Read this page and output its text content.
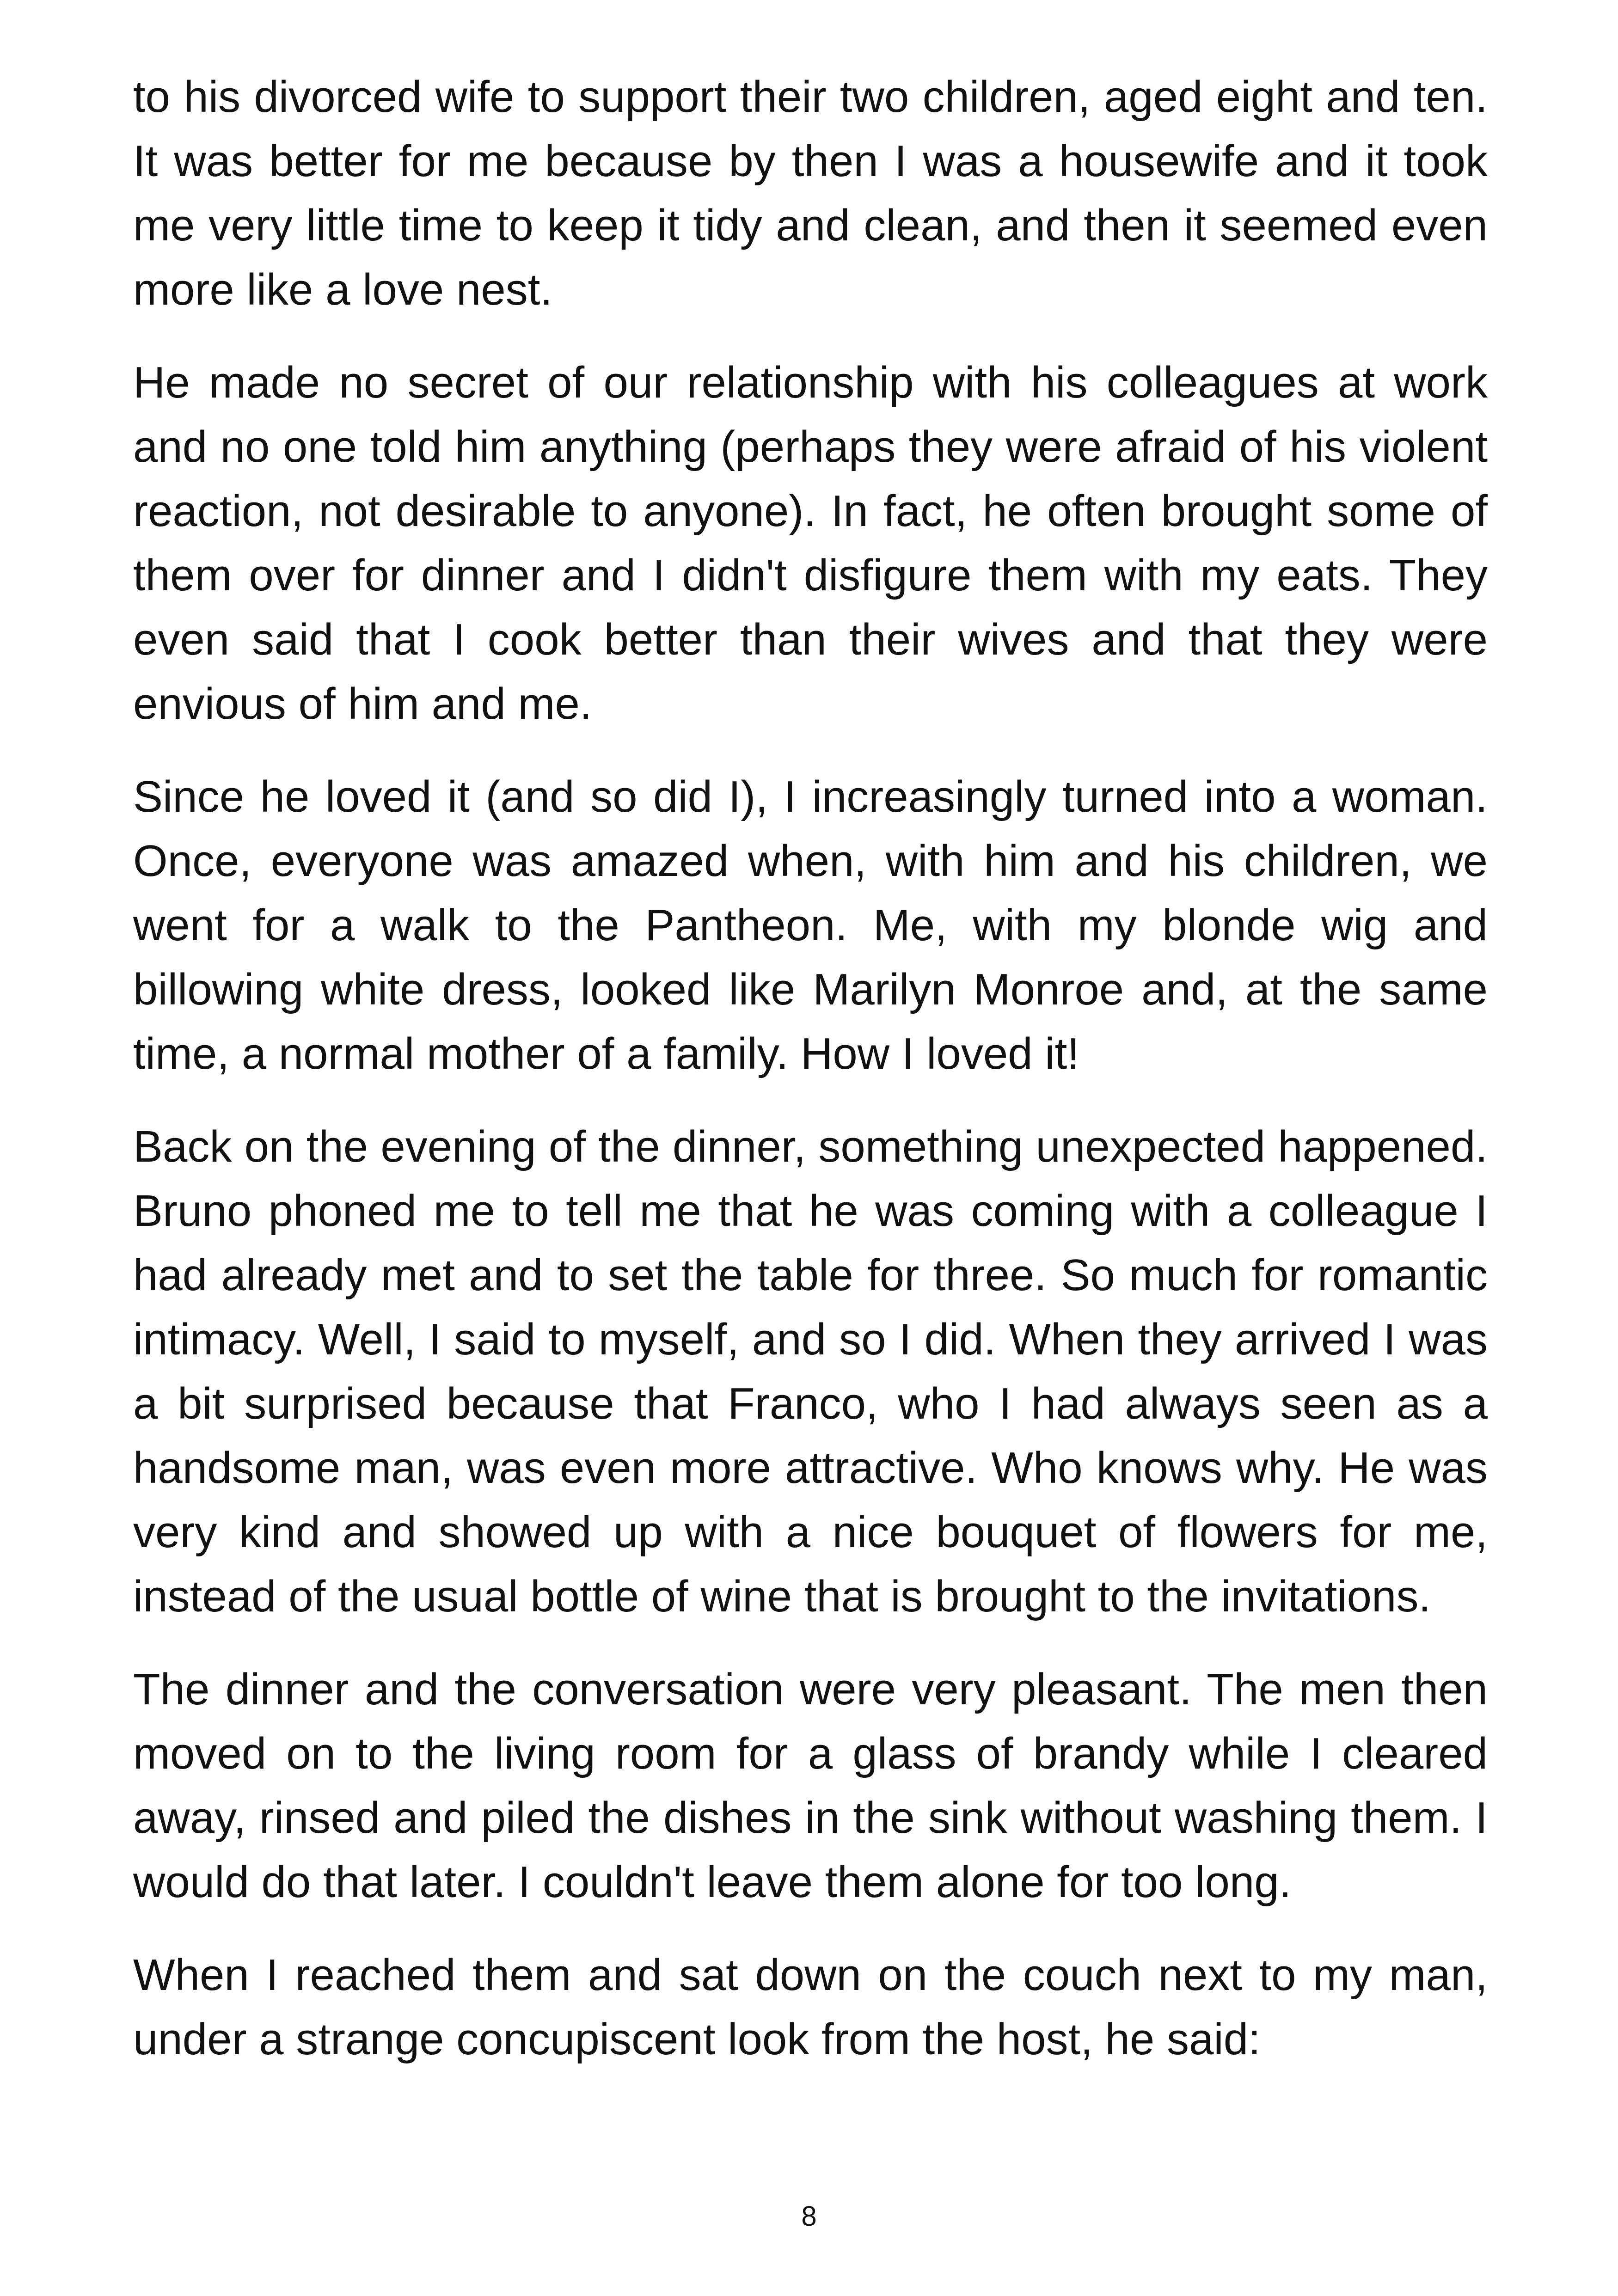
to his divorced wife to support their two children, aged eight and ten. It was better for me because by then I was a housewife and it took me very little time to keep it tidy and clean, and then it seemed even more like a love nest.

He made no secret of our relationship with his colleagues at work and no one told him anything (perhaps they were afraid of his violent reaction, not desirable to anyone). In fact, he often brought some of them over for dinner and I didn't disfigure them with my eats. They even said that I cook better than their wives and that they were envious of him and me.

Since he loved it (and so did I), I increasingly turned into a woman. Once, everyone was amazed when, with him and his children, we went for a walk to the Pantheon. Me, with my blonde wig and billowing white dress, looked like Marilyn Monroe and, at the same time, a normal mother of a family. How I loved it!

Back on the evening of the dinner, something unexpected happened. Bruno phoned me to tell me that he was coming with a colleague I had already met and to set the table for three. So much for romantic intimacy. Well, I said to myself, and so I did. When they arrived I was a bit surprised because that Franco, who I had always seen as a handsome man, was even more attractive. Who knows why. He was very kind and showed up with a nice bouquet of flowers for me, instead of the usual bottle of wine that is brought to the invitations.

The dinner and the conversation were very pleasant. The men then moved on to the living room for a glass of brandy while I cleared away, rinsed and piled the dishes in the sink without washing them. I would do that later. I couldn't leave them alone for too long.

When I reached them and sat down on the couch next to my man, under a strange concupiscent look from the host, he said:

8
